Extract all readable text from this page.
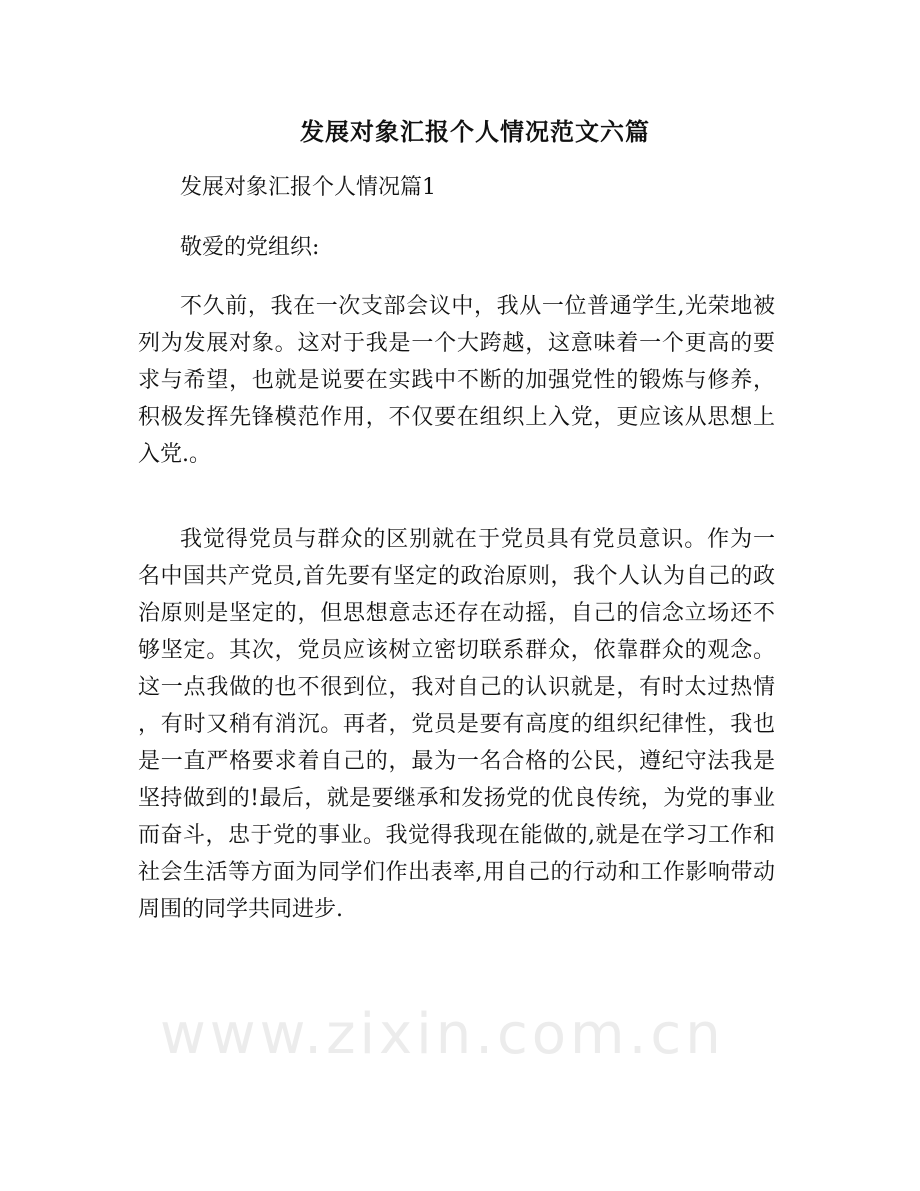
发展对象汇报个人情况范文六篇
发展对象汇报个人情况篇1
敬爱的党组织:
不久前，我在一次支部会议中，我从一位普通学生,光荣地被
列为发展对象。这对于我是一个大跨越，这意味着一个更高的要
求与希望，也就是说要在实践中不断的加强党性的锻炼与修养，
积极发挥先锋模范作用，不仅要在组织上入党，更应该从思想上
入党.。
我觉得党员与群众的区别就在于党员具有党员意识。作为一
名中国共产党员,首先要有坚定的政治原则，我个人认为自己的政
治原则是坚定的，但思想意志还存在动摇，自己的信念立场还不
够坚定。其次，党员应该树立密切联系群众，依靠群众的观念。
这一点我做的也不很到位，我对自己的认识就是，有时太过热情
，有时又稍有消沉。再者，党员是要有高度的组织纪律性，我也
是一直严格要求着自己的，最为一名合格的公民，遵纪守法我是
坚持做到的!最后，就是要继承和发扬党的优良传统，为党的事业
而奋斗，忠于党的事业。我觉得我现在能做的,就是在学习工作和
社会生活等方面为同学们作出表率,用自己的行动和工作影响带动
周围的同学共同进步.
www.zixin.com.cn
